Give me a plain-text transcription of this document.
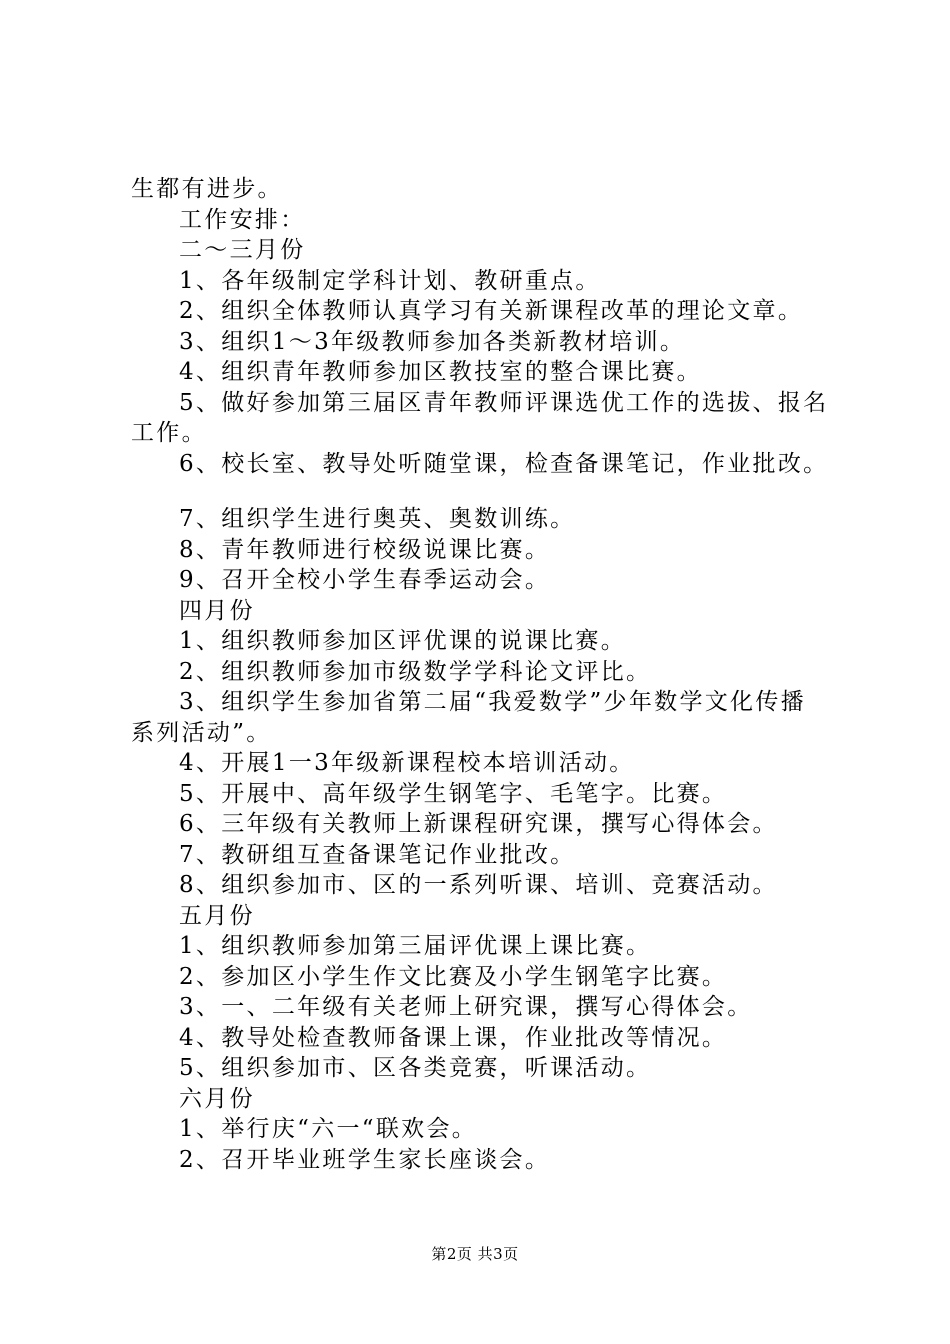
生都有进步。
工作安排：
二～三月份
1、各年级制定学科计划、教研重点。
2、组织全体教师认真学习有关新课程改革的理论文章。
3、组织1～3年级教师参加各类新教材培训。
4、组织青年教师参加区教技室的整合课比赛。
5、做好参加第三届区青年教师评课选优工作的选拔、报名
工作。
6、校长室、教导处听随堂课，检查备课笔记，作业批改。
7、组织学生进行奥英、奥数训练。
8、青年教师进行校级说课比赛。
9、召开全校小学生春季运动会。
四月份
1、组织教师参加区评优课的说课比赛。
2、组织教师参加市级数学学科论文评比。
3、组织学生参加省第二届“我爱数学”少年数学文化传播
系列活动”。
4、开展1一3年级新课程校本培训活动。
5、开展中、高年级学生钢笔字、毛笔字。比赛。
6、三年级有关教师上新课程研究课，撰写心得体会。
7、教研组互查备课笔记作业批改。
8、组织参加市、区的一系列听课、培训、竞赛活动。
五月份
1、组织教师参加第三届评优课上课比赛。
2、参加区小学生作文比赛及小学生钢笔字比赛。
3、一、二年级有关老师上研究课，撰写心得体会。
4、教导处检查教师备课上课，作业批改等情况。
5、组织参加市、区各类竞赛，听课活动。
六月份
1、举行庆“六一“联欢会。
2、召开毕业班学生家长座谈会。
第2页 共3页
